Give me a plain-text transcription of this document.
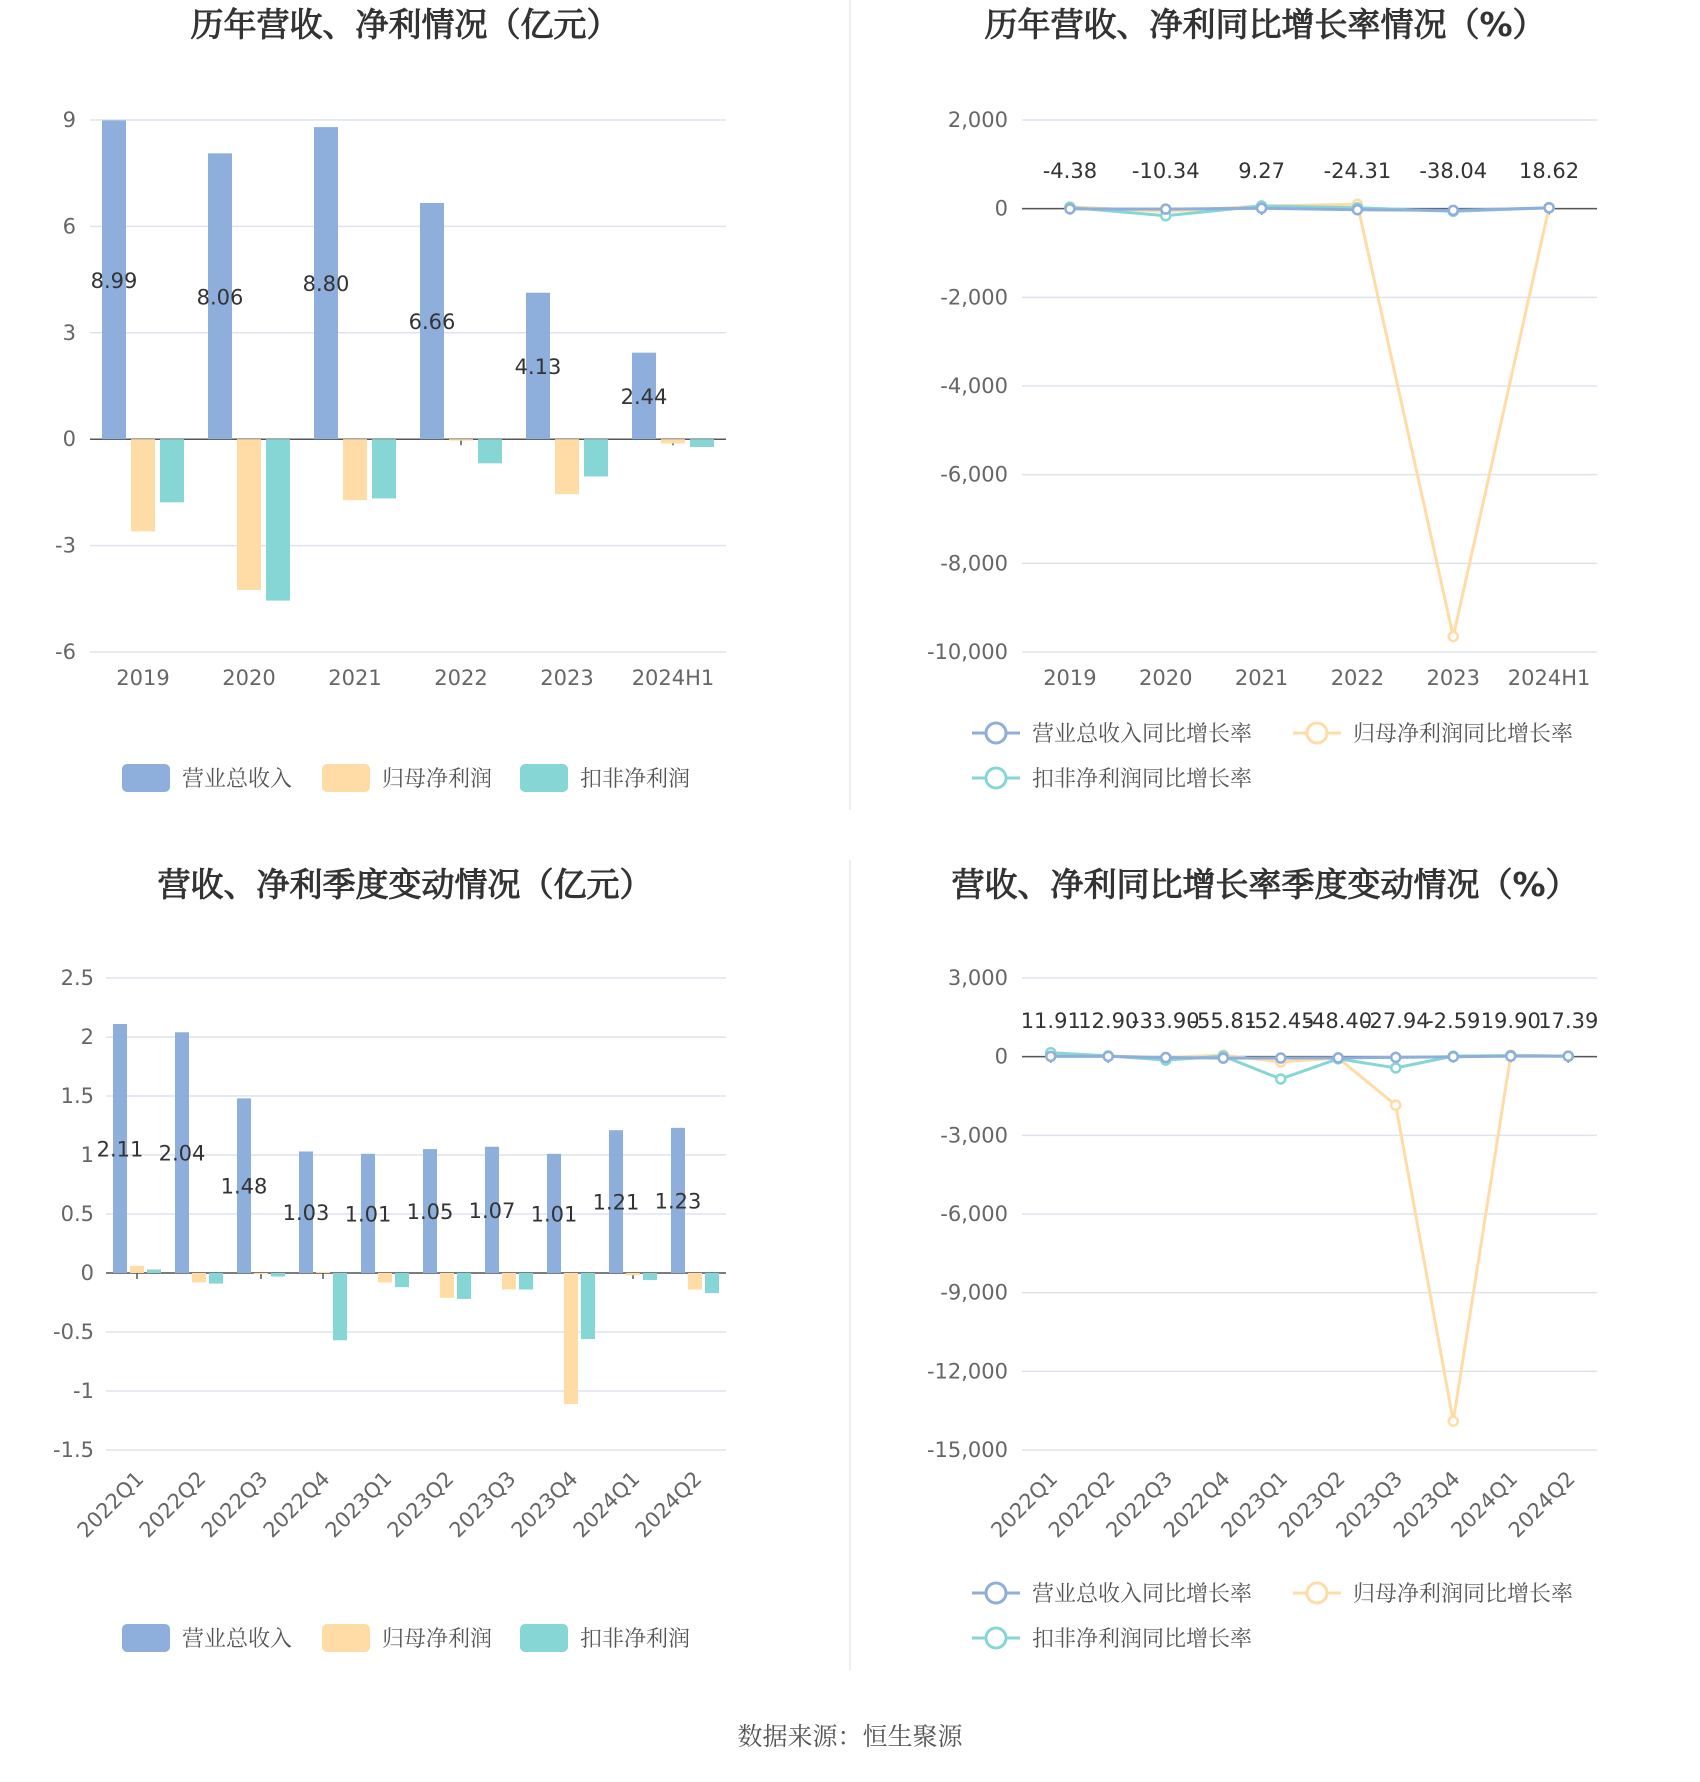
历年营收、净利情况（亿元）
9
6
3
0
-3
-6
2019	2020	2021	2022	2023 2024H1
8.99
8.06
8.80
6.66
4.13
2.44
营业总收入	归母净利润	扣非净利润
历年营收、净利同比增长率情况（%）
2,000
0
-2,000
-4,000
-6,000
-8,000
-10,000
2019 2020 2021 2022 2023 2024H1
-4.38 -10.34 9.27 -24.31 -38.04 18.62
营业总收入同比增长率	归母净利润同比增长率
扣非净利润同比增长率
营收、净利季度变动情况（亿元）
2.5
2
1.5
1
0.5
0
-0.5
-1
-1.5
2022Q1
2022Q2
2022Q3
2022Q4
2023Q1
2023Q2
2023Q3
2023Q4
2024Q1
2024Q2
2.11 2.04
1.48
1.03 1.01 1.05 1.07 1.01 1.21 1.23
营业总收入	归母净利润	扣非净利润
营收、净利同比增长率季度变动情况（%）
3,000
0
-3,000
-6,000
-9,000
-12,000
-15,000
2022Q1
2022Q2
2022Q3
2022Q4
2023Q1
2023Q2
2023Q3
2023Q4
2024Q1
2024Q2
11.91
12.90
-33.90
-55.81
-52.45
-48.40
-27.94
-2.59 19.90
17.39
营业总收入同比增长率	归母净利润同比增长率
扣非净利润同比增长率
数据来源：恒生聚源
